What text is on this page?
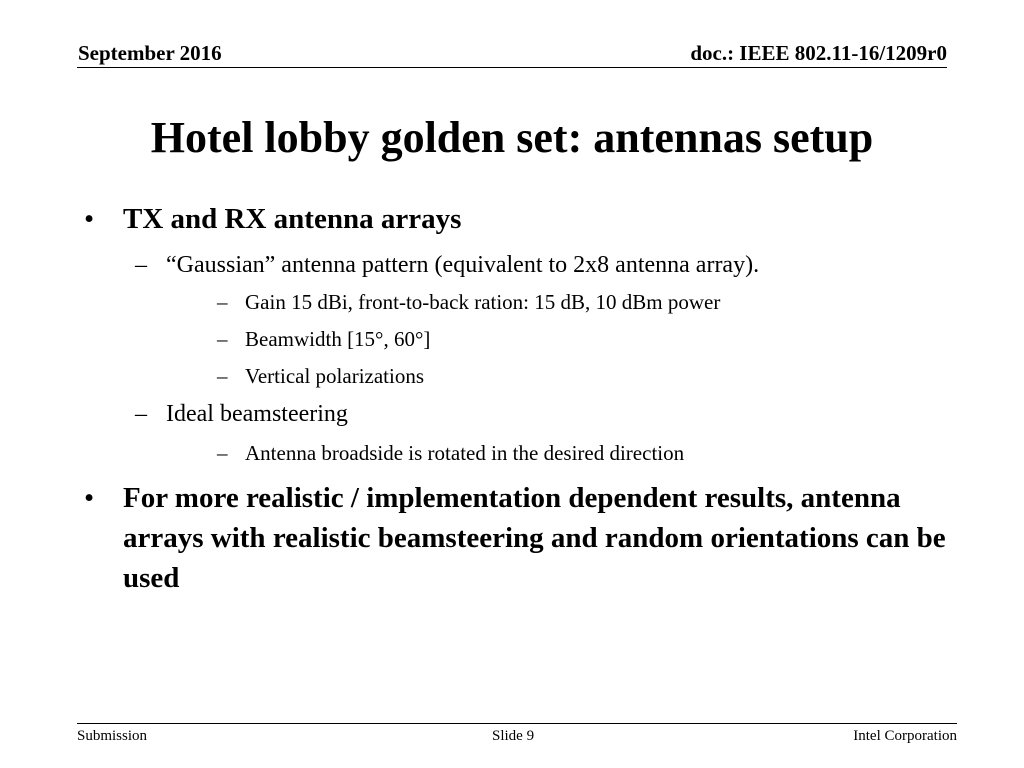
September 2016	doc.: IEEE 802.11-16/1209r0
Hotel lobby golden set: antennas setup
• TX and RX antenna arrays
– “Gaussian” antenna pattern (equivalent to 2x8 antenna array).
– Gain 15 dBi, front-to-back ration: 15 dB, 10 dBm power
– Beamwidth [15°, 60°]
– Vertical polarizations
– Ideal beamsteering
– Antenna broadside is rotated in the desired direction
• For more realistic / implementation dependent results, antenna arrays with realistic beamsteering and random orientations can be used
Submission	Slide 9	Intel Corporation
